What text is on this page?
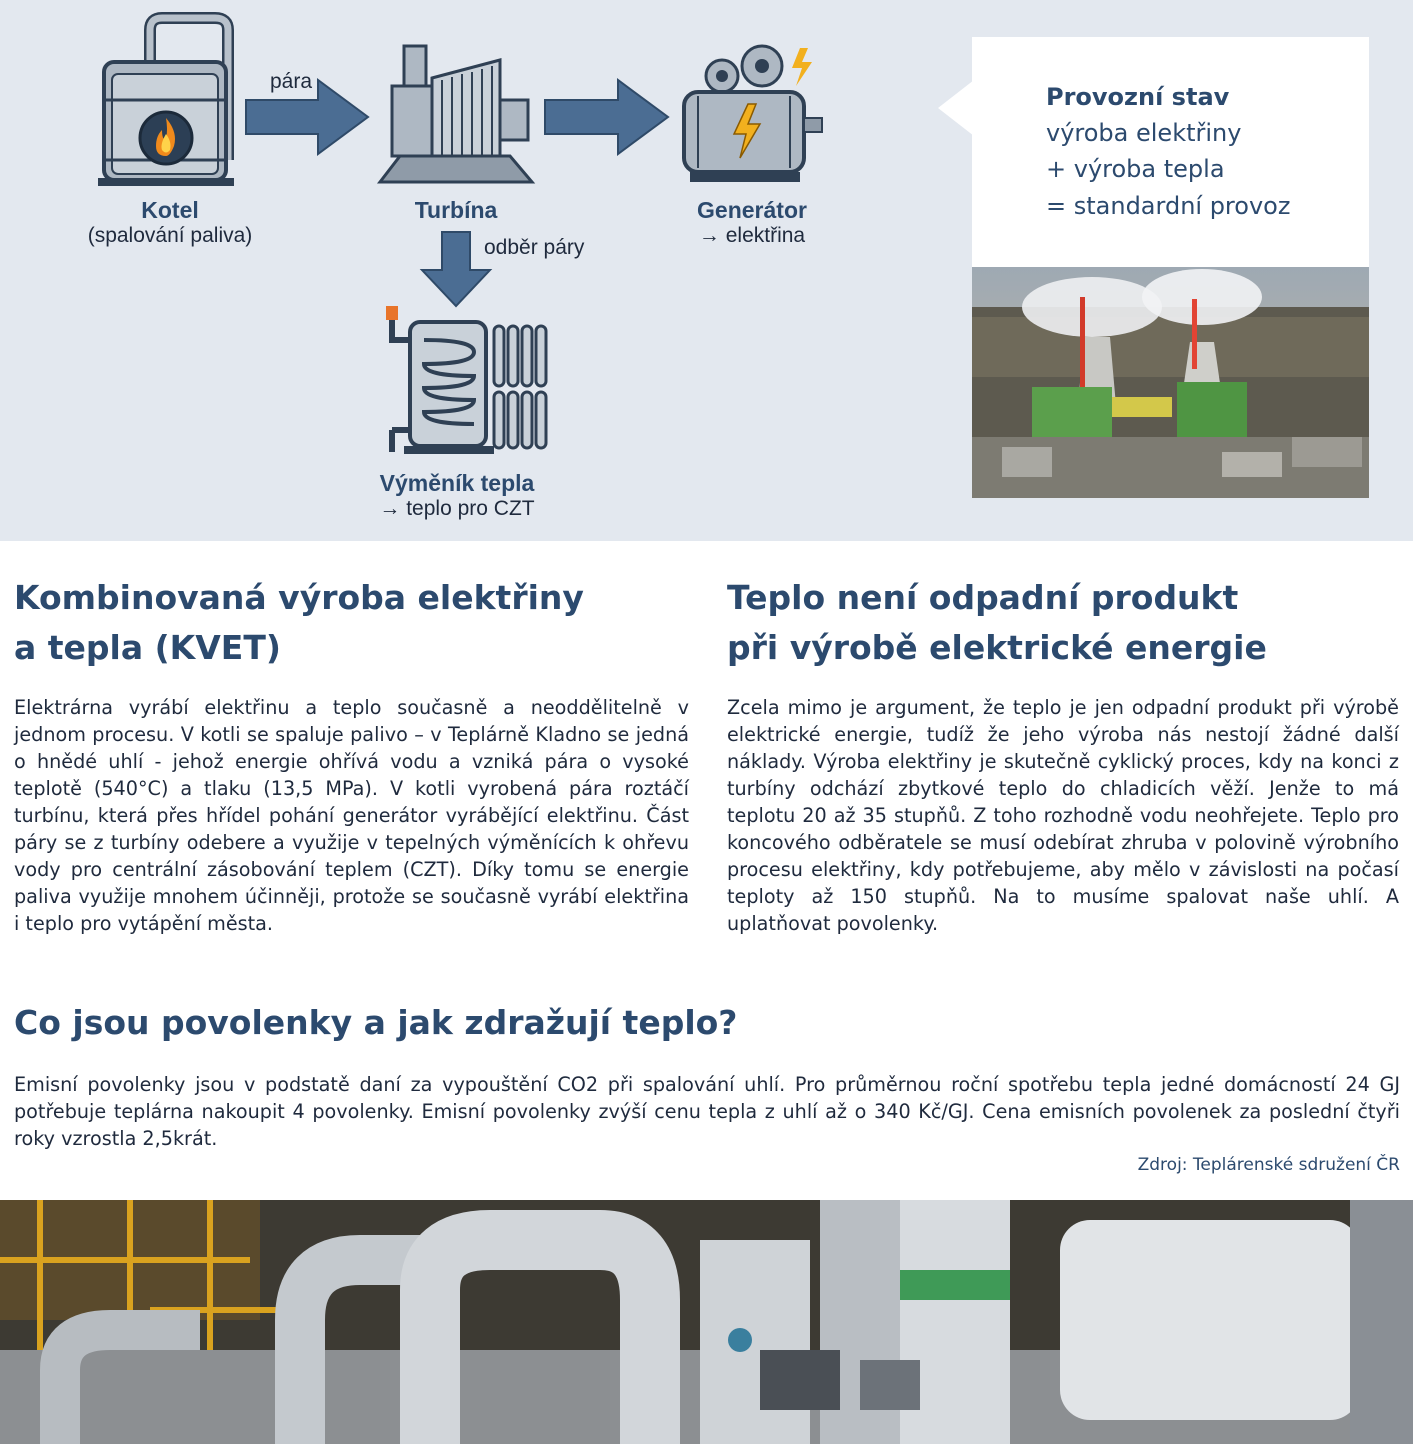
Kotel
(spalování paliva)
Turbína	Generátor
→ elektřina
Výměník tepla
→ teplo pro CZT
pára
odběr páry
Provozní stav
výroba elektřiny
+ výroba tepla
= standardní provoz
Kombinovaná výroba elektřiny
a tepla (KVET)

Elektrárna vyrábí elektřinu a teplo současně a neoddělitelně v jednom procesu. V kotli se spaluje palivo – v Teplárně Kladno se jedná o hnědé uhlí - jehož energie ohřívá vodu a vzniká pára o vysoké teplotě (540°C) a tlaku (13,5 MPa). V kotli vyrobená pára roztáčí turbínu, která přes hřídel pohání generátor vyrábějící elektřinu. Část páry se z turbíny odebere a využije v tepelných výměnících k ohřevu vody pro centrální zásobování teplem (CZT). Díky tomu se energie paliva využije mnohem účinněji, protože se současně vyrábí elektřina i teplo pro vytápění města.

Teplo není odpadní produkt
při výrobě elektrické energie

Zcela mimo je argument, že teplo je jen odpadní produkt při výrobě elektrické energie, tudíž že jeho výroba nás nestojí žádné další náklady. Výroba elektřiny je skutečně cyklický proces, kdy na konci z turbíny odchází zbytkové teplo do chladicích věží. Jenže to má teplotu 20 až 35 stupňů. Z toho rozhodně vodu neohřejete. Teplo pro koncového odběratele se musí odebírat zhruba v polovině výrobního procesu elektřiny, kdy potřebujeme, aby mělo v závislosti na počasí teploty až 150 stupňů. Na to musíme spalovat naše uhlí. A uplatňovat povolenky.

Co jsou povolenky a jak zdražují teplo?

Emisní povolenky jsou v podstatě daní za vypouštění CO2 při spalování uhlí. Pro průměrnou roční spotřebu tepla jedné domácností 24 GJ potřebuje teplárna nakoupit 4 povolenky. Emisní povolenky zvýší cenu tepla z uhlí až o 340 Kč/GJ. Cena emisních povolenek za poslední čtyři roky vzrostla 2,5krát.

Zdroj: Teplárenské sdružení ČR
